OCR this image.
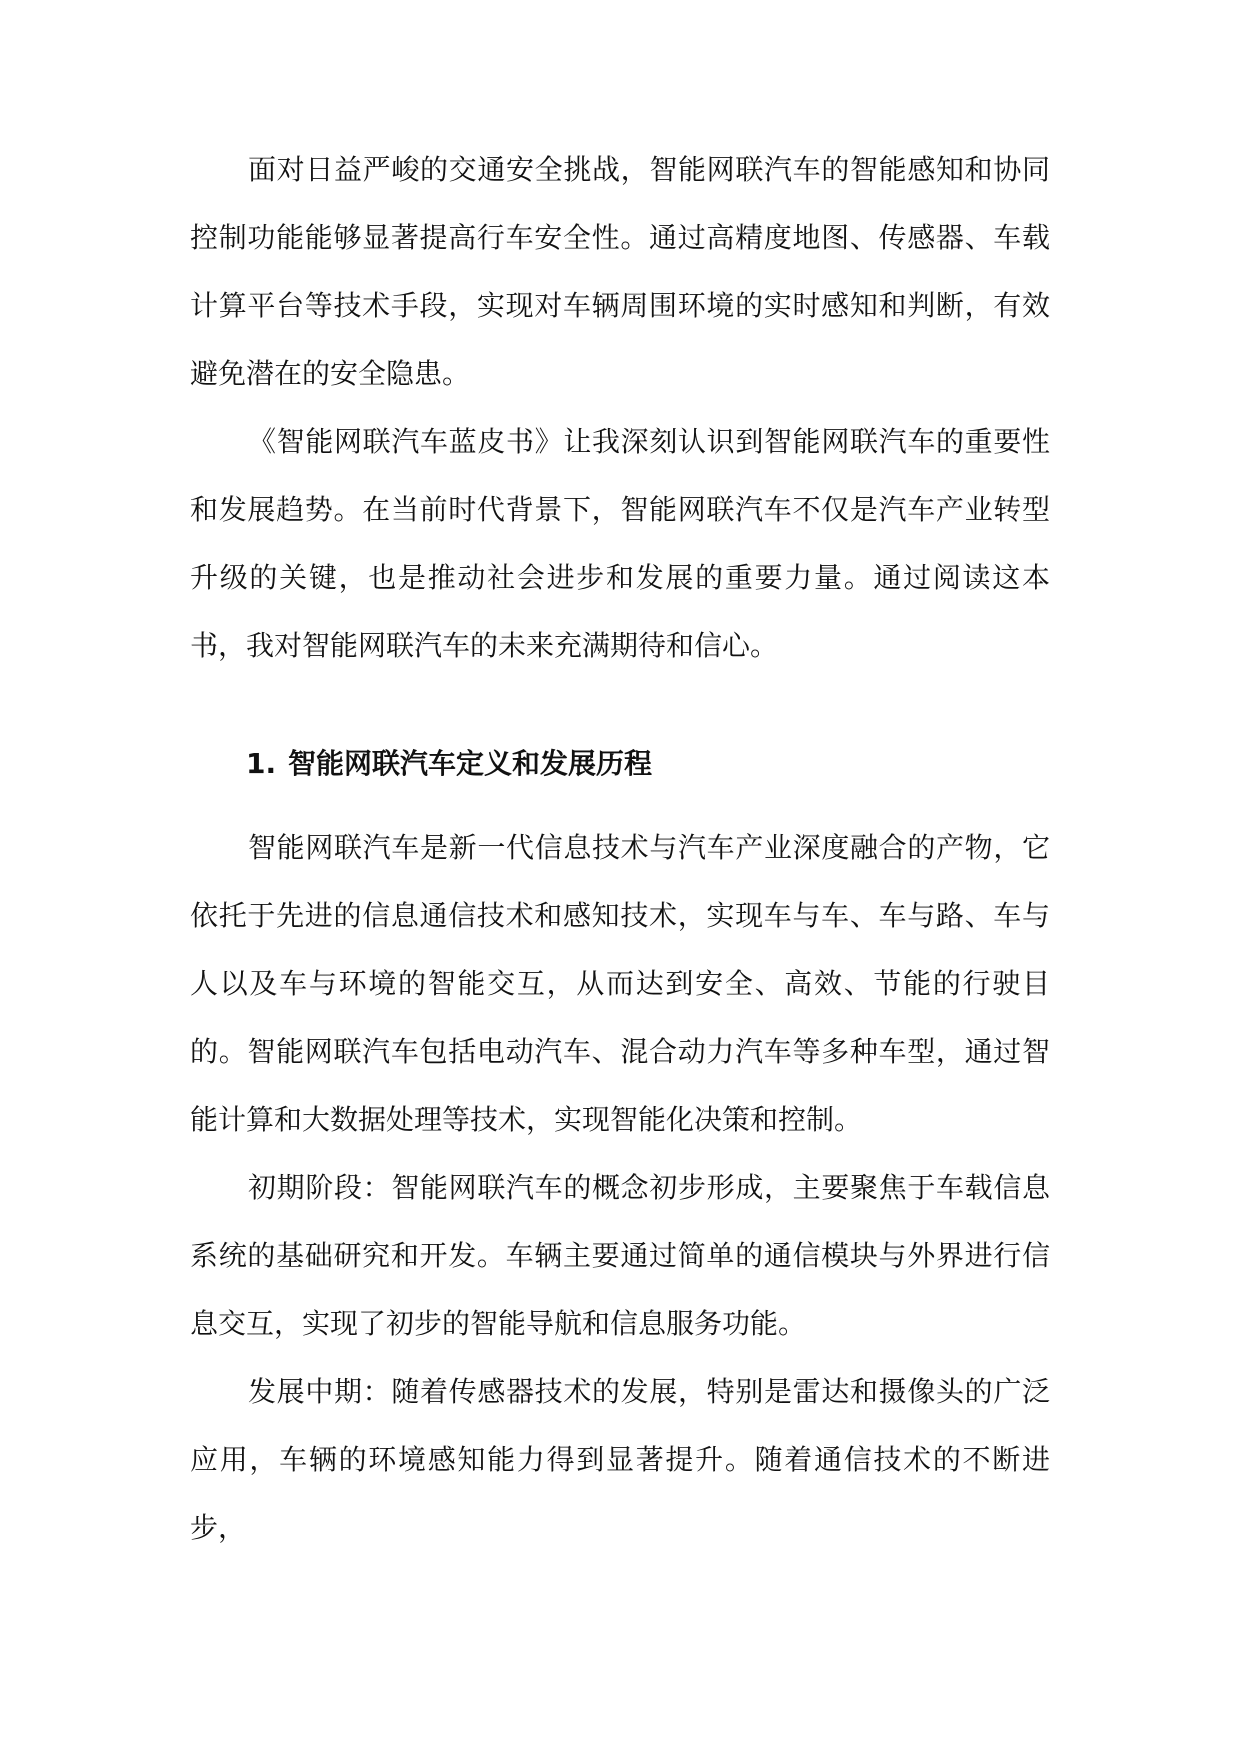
面对日益严峻的交通安全挑战，智能网联汽车的智能感知和协同控制功能能够显著提高行车安全性。通过高精度地图、传感器、车载计算平台等技术手段，实现对车辆周围环境的实时感知和判断，有效避免潜在的安全隐患。

《智能网联汽车蓝皮书》让我深刻认识到智能网联汽车的重要性和发展趋势。在当前时代背景下，智能网联汽车不仅是汽车产业转型升级的关键，也是推动社会进步和发展的重要力量。通过阅读这本书，我对智能网联汽车的未来充满期待和信心。

1. 智能网联汽车定义和发展历程

智能网联汽车是新一代信息技术与汽车产业深度融合的产物，它依托于先进的信息通信技术和感知技术，实现车与车、车与路、车与人以及车与环境的智能交互，从而达到安全、高效、节能的行驶目的。智能网联汽车包括电动汽车、混合动力汽车等多种车型，通过智能计算和大数据处理等技术，实现智能化决策和控制。

初期阶段：智能网联汽车的概念初步形成，主要聚焦于车载信息系统的基础研究和开发。车辆主要通过简单的通信模块与外界进行信息交互，实现了初步的智能导航和信息服务功能。

发展中期：随着传感器技术的发展，特别是雷达和摄像头的广泛应用，车辆的环境感知能力得到显著提升。随着通信技术的不断进步，
